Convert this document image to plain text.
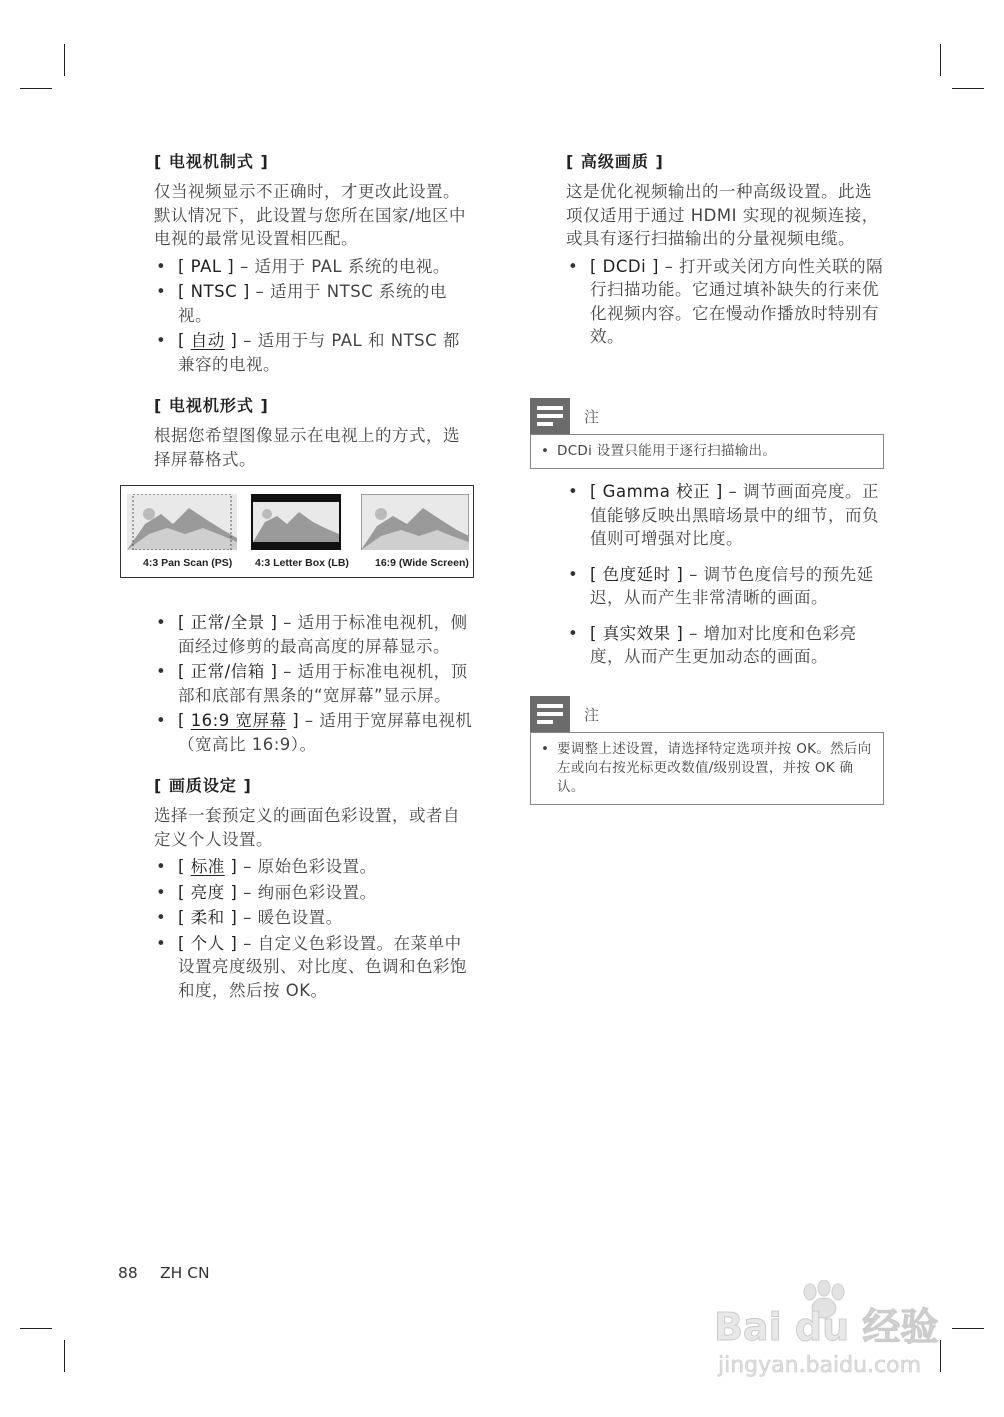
[ 电视机制式 ]

仅当视频显示不正确时，才更改此设置。默认情况下，此设置与您所在国家/地区中电视的最常见设置相匹配。

• [ PAL ] – 适用于 PAL 系统的电视。
• [ NTSC ] – 适用于 NTSC 系统的电视。
• [ 自动 ] – 适用于与 PAL 和 NTSC 都兼容的电视。
[ 电视机形式 ]

根据您希望图像显示在电视上的方式，选择屏幕格式。

• [ 正常/全景 ] – 适用于标准电视机，侧面经过修剪的最高高度的屏幕显示。
• [ 正常/信箱 ] – 适用于标准电视机，顶部和底部有黑条的“宽屏幕”显示屏。
• [ 16:9 宽屏幕 ] – 适用于宽屏幕电视机（宽高比 16:9）。
[ 画质设定 ]

选择一套预定义的画面色彩设置，或者自定义个人设置。

• [ 标准 ] – 原始色彩设置。
• [ 亮度 ] – 绚丽色彩设置。
• [ 柔和 ] – 暖色设置。
• [ 个人 ] – 自定义色彩设置。在菜单中设置亮度级别、对比度、色调和色彩饱和度，然后按 OK。
4:3 Pan Scan (PS) 4:3 Letter Box (LB) 16:9 (Wide Screen)
[ 高级画质 ]

这是优化视频输出的一种高级设置。此选项仅适用于通过 HDMI 实现的视频连接，或具有逐行扫描输出的分量视频电缆。

• [ DCDi ] – 打开或关闭方向性关联的隔行扫描功能。它通过填补缺失的行来优化视频内容。它在慢动作播放时特别有效。
注
• DCDi 设置只能用于逐行扫描输出。
• [ Gamma 校正 ] – 调节画面亮度。正值能够反映出黑暗场景中的细节，而负值则可增强对比度。
• [ 色度延时 ] – 调节色度信号的预先延迟，从而产生非常清晰的画面。
• [ 真实效果 ] – 增加对比度和色彩亮度，从而产生更加动态的画面。
注
• 要调整上述设置，请选择特定选项并按 OK。然后向左或向右按光标更改数值/级别设置，并按 OK 确认。
88 ZH CN
Bai du 经验
jingyan.baidu.com
